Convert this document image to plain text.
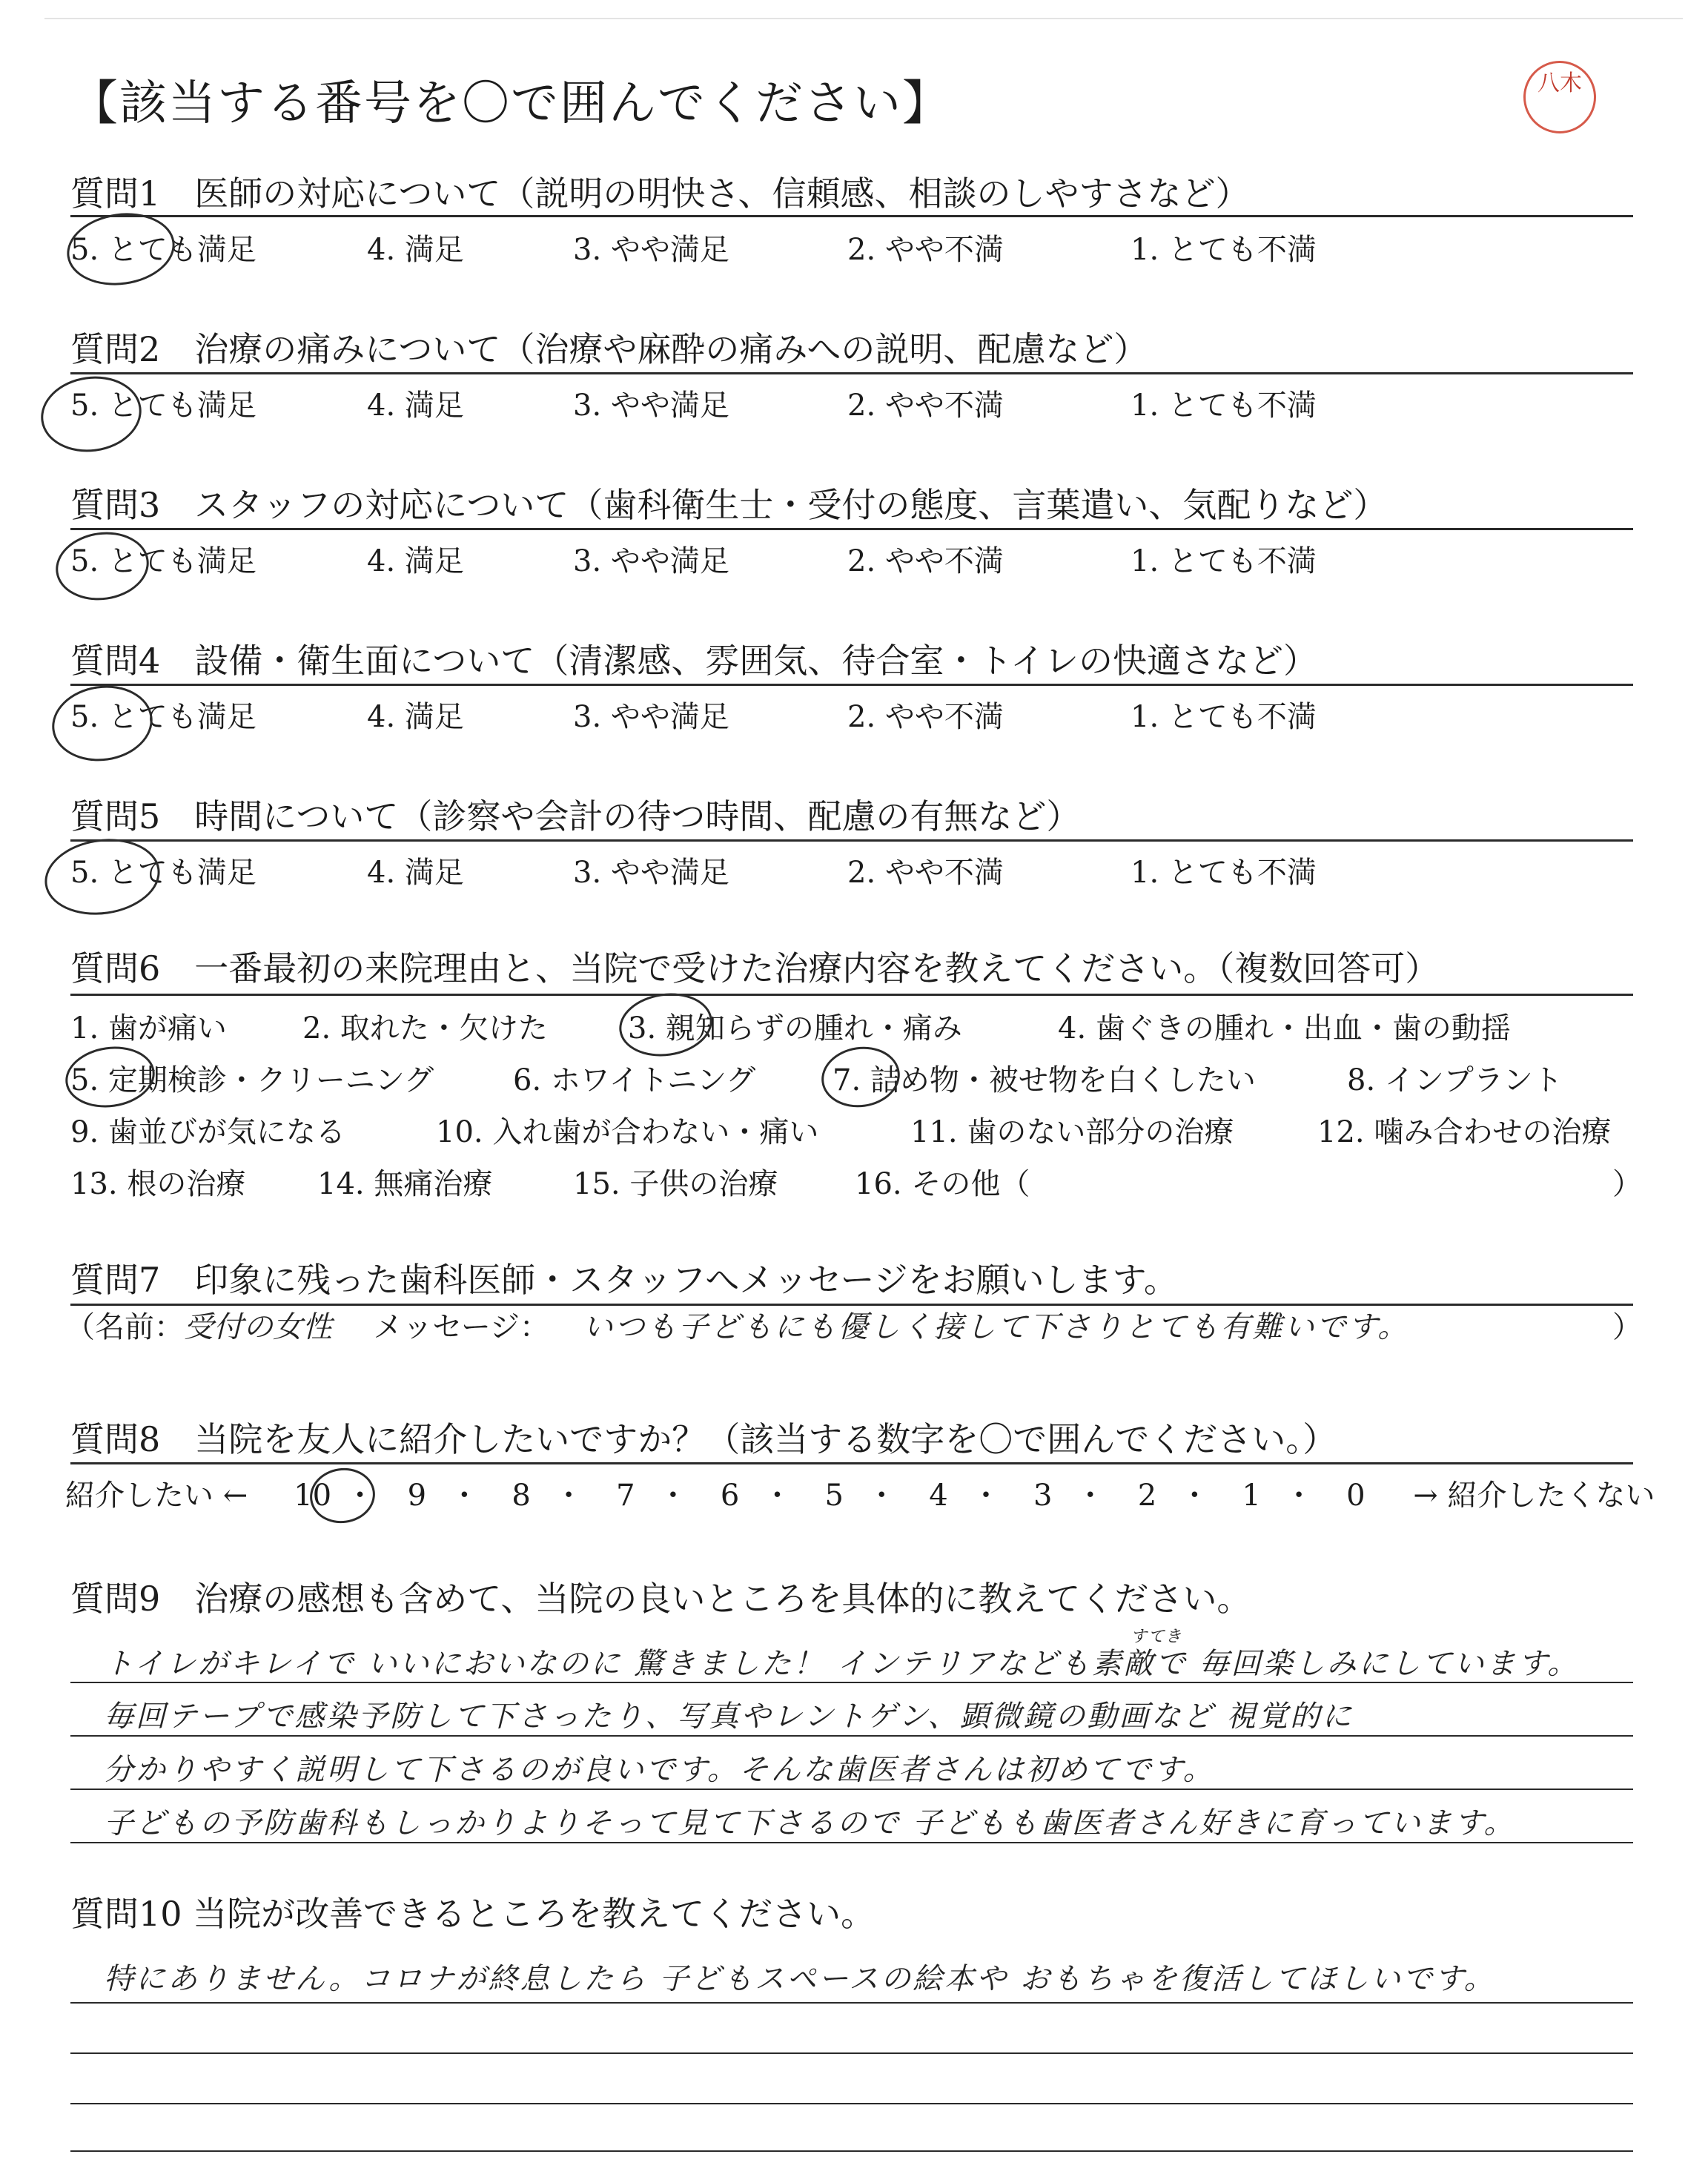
【該当する番号を〇で囲んでください】	八木
質問1　医師の対応について（説明の明快さ、信頼感、相談のしやすさなど）
5. とても満足	4. 満足	3. やや満足	2. やや不満	1. とても不満
質問2　治療の痛みについて（治療や麻酔の痛みへの説明、配慮など）
5. とても満足	4. 満足	3. やや満足	2. やや不満	1. とても不満
質問3　スタッフの対応について（歯科衛生士・受付の態度、言葉遣い、気配りなど）
5. とても満足	4. 満足	3. やや満足	2. やや不満	1. とても不満
質問4　設備・衛生面について（清潔感、雰囲気、待合室・トイレの快適さなど）
5. とても満足	4. 満足	3. やや満足	2. やや不満	1. とても不満
質問5　時間について（診察や会計の待つ時間、配慮の有無など）
5. とても満足	4. 満足	3. やや満足	2. やや不満	1. とても不満
質問6　一番最初の来院理由と、当院で受けた治療内容を教えてください。（複数回答可）
1. 歯が痛い	2. 取れた・欠けた	3. 親知らずの腫れ・痛み	4. 歯ぐきの腫れ・出血・歯の動揺
5. 定期検診・クリーニング	6. ホワイトニング	7. 詰め物・被せ物を白くしたい	8. インプラント
9. 歯並びが気になる	10. 入れ歯が合わない・痛い	11. 歯のない部分の治療	12. 噛み合わせの治療
13. 根の治療 14. 無痛治療	15. 子供の治療	16. その他（	）
質問7　印象に残った歯科医師・スタッフへメッセージをお願いします。
（名前：受付の女性 メッセージ： いつも子どもにも優しく接して下さりとても有難いです。	）
質問8　当院を友人に紹介したいですか？（該当する数字を〇で囲んでください。）
紹介したい ← 10 ・ 9 ・ 8 ・ 7 ・ 6 ・ 5 ・ 4 ・ 3 ・ 2 ・ 1 ・ 0 → 紹介したくない
質問9　治療の感想も含めて、当院の良いところを具体的に教えてください。
すてき
トイレがキレイで いいにおいなのに 驚きました！ インテリアなども素敵で 毎回楽しみにしています。
毎回テープで感染予防して下さったり、写真やレントゲン、顕微鏡の動画など 視覚的に
分かりやすく説明して下さるのが良いです。そんな歯医者さんは初めてです。
子どもの予防歯科もしっかりよりそって見て下さるので 子どもも歯医者さん好きに育っています。
質問10 当院が改善できるところを教えてください。
特にありません。コロナが終息したら 子どもスペースの絵本や おもちゃを復活してほしいです。
